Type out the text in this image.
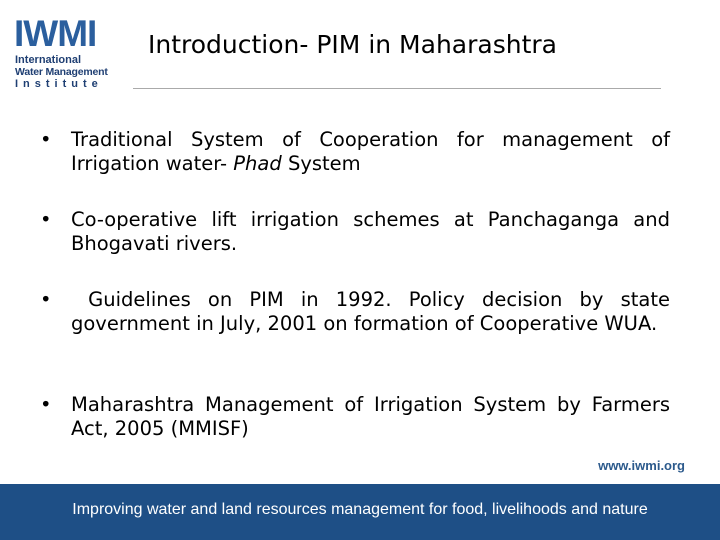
IWMI
International
Water Management
Institute
Introduction- PIM in Maharashtra
• Traditional System of Cooperation for management of Irrigation water- Phad System
• Co-operative lift irrigation schemes at Panchaganga and Bhogavati rivers.
• Guidelines on PIM in 1992. Policy decision by state government in July, 2001 on formation of Cooperative WUA.
• Maharashtra Management of Irrigation System by Farmers Act, 2005 (MMISF)
www.iwmi.org
Improving water and land resources management for food, livelihoods and nature
